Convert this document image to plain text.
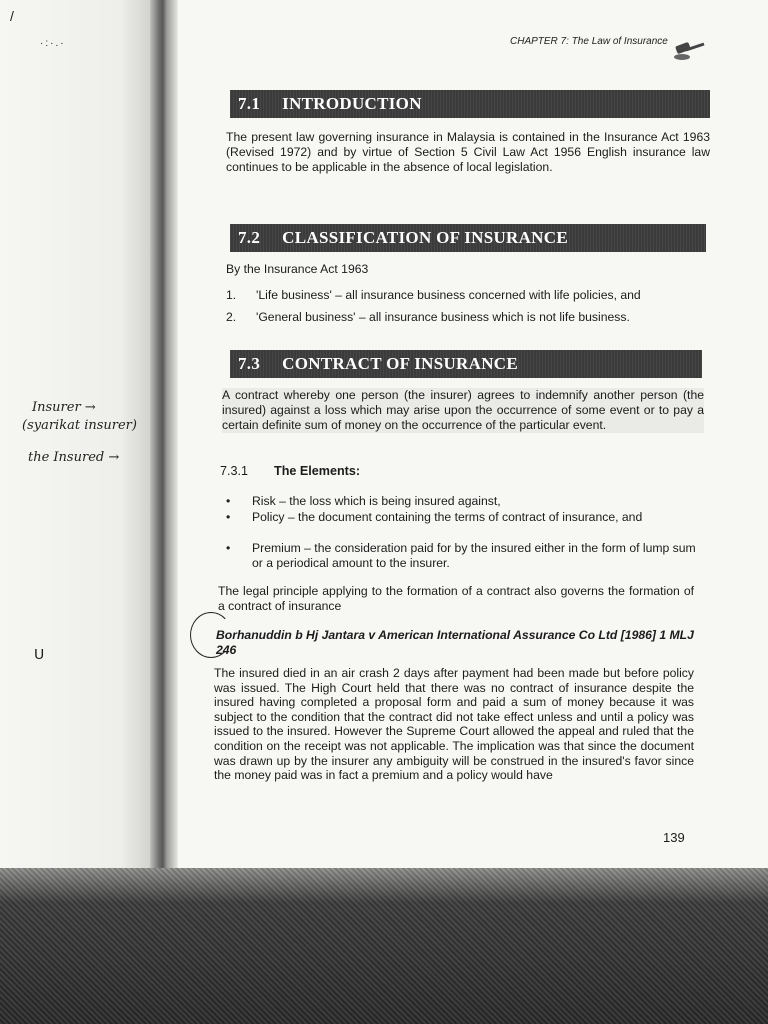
/
·:·.·
ᑌ
CHAPTER 7: The Law of Insurance
7.1 INTRODUCTION
The present law governing insurance in Malaysia is contained in the Insurance Act 1963 (Revised 1972) and by virtue of Section 5 Civil Law Act 1956 English insurance law continues to be applicable in the absence of local legislation.
7.2 CLASSIFICATION OF INSURANCE
By the Insurance Act 1963
1. 'Life business' – all insurance business concerned with life policies, and
2. 'General business' – all insurance business which is not life business.
7.3 CONTRACT OF INSURANCE
A contract whereby one person (the insurer) agrees to indemnify another person (the insured) against a loss which may arise upon the occurrence of some event or to pay a certain definite sum of money on the occurrence of the particular event.
7.3.1 The Elements:
• Risk – the loss which is being insured against,
• Policy – the document containing the terms of contract of insurance, and
• Premium – the consideration paid for by the insured either in the form of lump sum or a periodical amount to the insurer.
The legal principle applying to the formation of a contract also governs the formation of a contract of insurance
Borhanuddin b Hj Jantara v American International Assurance Co Ltd [1986] 1 MLJ 246
The insured died in an air crash 2 days after payment had been made but before policy was issued. The High Court held that there was no contract of insurance despite the insured having completed a proposal form and paid a sum of money because it was subject to the condition that the contract did not take effect unless and until a policy was issued to the insured. However the Supreme Court allowed the appeal and ruled that the condition on the receipt was not applicable. The implication was that since the document was drawn up by the insurer any ambiguity will be construed in the insured's favor since the money paid was in fact a premium and a policy would have
139
Insurer →
(syarikat insurer)
the Insured →
